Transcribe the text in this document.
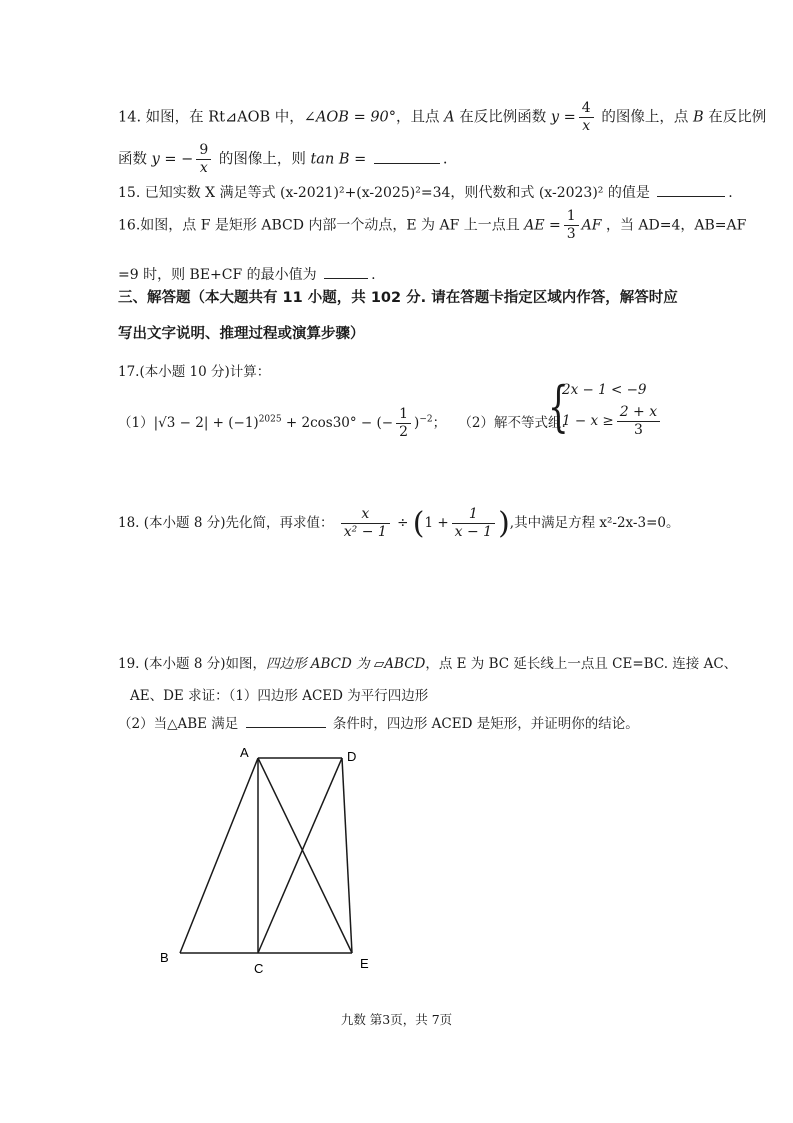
14. 如图，在 Rt⊿AOB 中，∠AOB = 90°，且点 A 在反比例函数 $y = \frac{4}{x}$ 的图像上，点 B 在反比例
函数 y = − $\frac{9}{x}$ 的图像上，则 tan B =	.
15. 已知实数 X 满足等式 (x-2021)²+(x-2025)²=34，则代数和式 (x-2023)² 的值是	.
16.如图，点 F 是矩形 ABCD 内部一个动点，E 为 AF 上一点且 AE = $\frac{1}{3}$ AF ，当 AD=4，AB=AF
=9 时，则 BE+CF 的最小值为	.
三、解答题（本大题共有 11 小题，共 102 分. 请在答题卡指定区域内作答，解答时应
写出文字说明、推理过程或演算步骤）
17.(本小题 10 分)计算：
$(1)|√3 - 2| + (-1)^{2025} + 2\cos 30^\circ$ − (− $\frac{1}{2} )^{-2}$； （2）解不等式组.
{
2x − 1 < −9
$1 - x \ge \frac{2 + x}{3}$
18. (本小题 8 分)先化简，再求值： $\frac{x}{\text{x² − 1}} \div (1 + \frac{1}{x - 1}$ ),其中满足方程 x²-2x-3=0。
19. (本小题 8 分)如图，四边形 ABCD 为 ▱ABCD，点 E 为 BC 延长线上一点且 CE=BC. 连接 AC、
AE、DE 求证：（1）四边形 ACED 为平行四边形
（2）当△ABE 满足	条件时，四边形 ACED 是矩形，并证明你的结论。
A	D
B
C	E
九数 第3页，共 7页
